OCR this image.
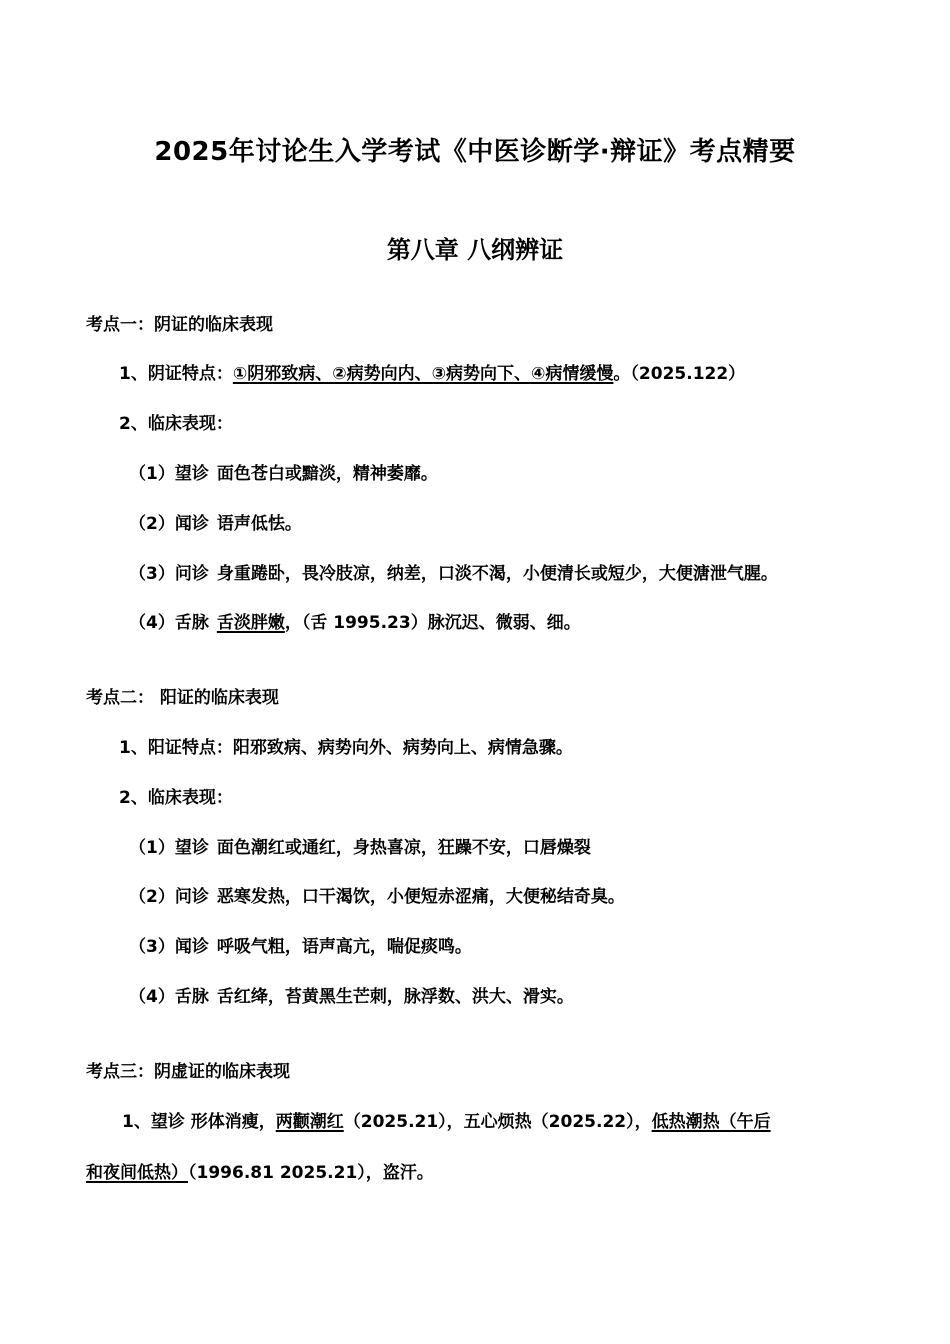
2025年讨论生入学考试《中医诊断学·辩证》考点精要
第八章 八纲辨证
考点一：阴证的临床表现
1、阴证特点：①阴邪致病、②病势向内、③病势向下、④病情缓慢。（2025.122）
2、临床表现：
（1）望诊 面色苍白或黯淡，精神萎靡。
（2）闻诊 语声低怯。
（3）问诊 身重踡卧，畏冷肢凉，纳差，口淡不渴，小便清长或短少，大便溏泄气腥。
（4）舌脉 舌淡胖嫩，（舌 1995.23）脉沉迟、微弱、细。
考点二： 阳证的临床表现
1、阳证特点：阳邪致病、病势向外、病势向上、病情急骤。
2、临床表现：
（1）望诊 面色潮红或通红，身热喜凉，狂躁不安，口唇燥裂
（2）问诊 恶寒发热，口干渴饮，小便短赤涩痛，大便秘结奇臭。
（3）闻诊 呼吸气粗，语声高亢，喘促痰鸣。
（4）舌脉 舌红绛，苔黄黑生芒刺，脉浮数、洪大、滑实。
考点三：阴虚证的临床表现
1、望诊 形体消瘦，两颧潮红（2025.21），五心烦热（2025.22），低热潮热（午后
和夜间低热）（1996.81 2025.21），盗汗。
